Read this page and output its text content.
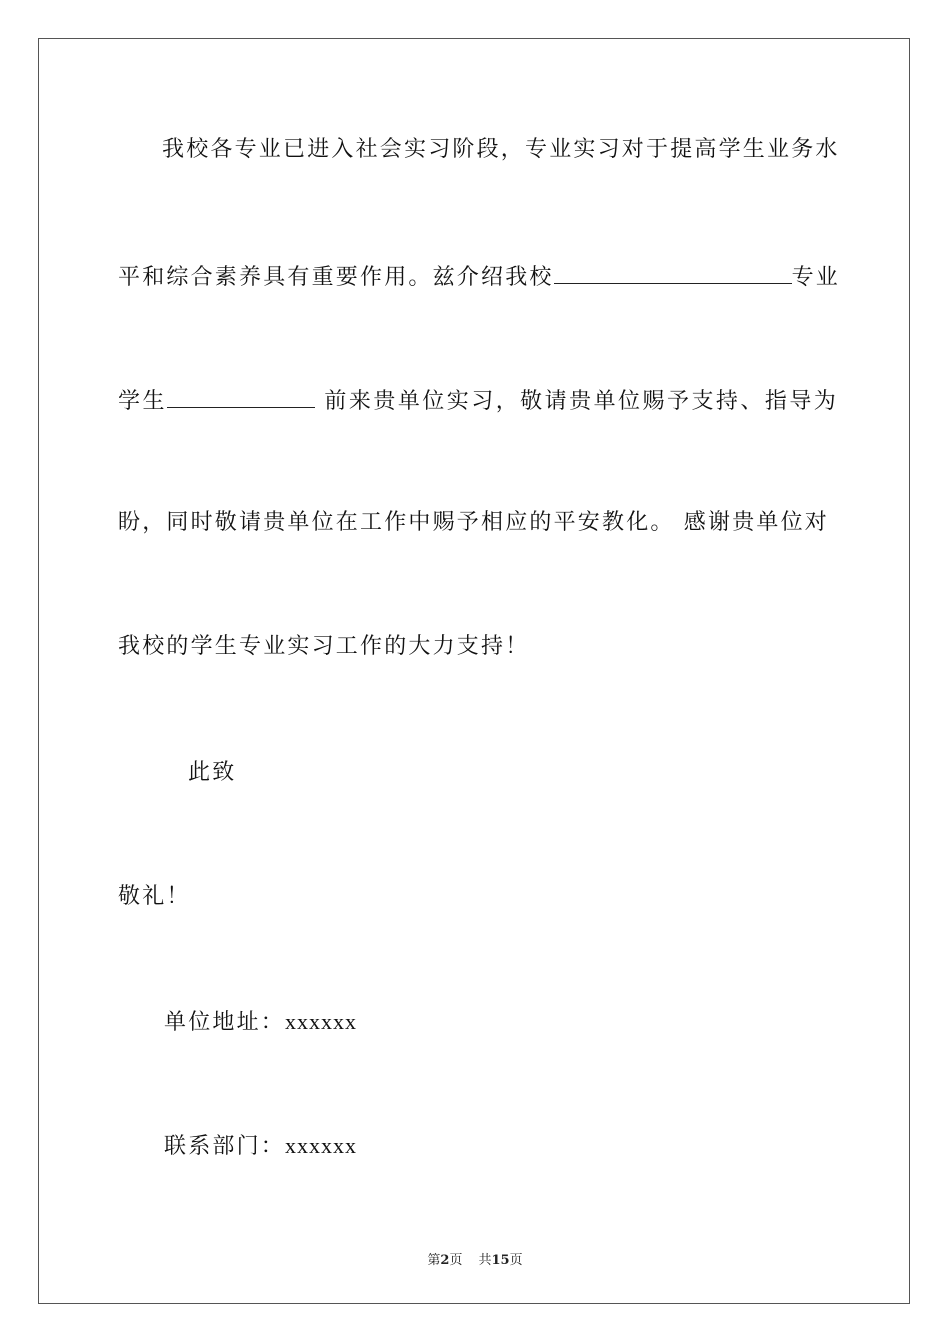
我校各专业已进入社会实习阶段，专业实习对于提高学生业务水
平和综合素养具有重要作用。兹介绍我校	专业
学生	前来贵单位实习，敬请贵单位赐予支持、指导为
盼，同时敬请贵单位在工作中赐予相应的平安教化。 感谢贵单位对
我校的学生专业实习工作的大力支持！
此致
敬礼！
单位地址：xxxxxx
联系部门：xxxxxx
第2页 共15页
